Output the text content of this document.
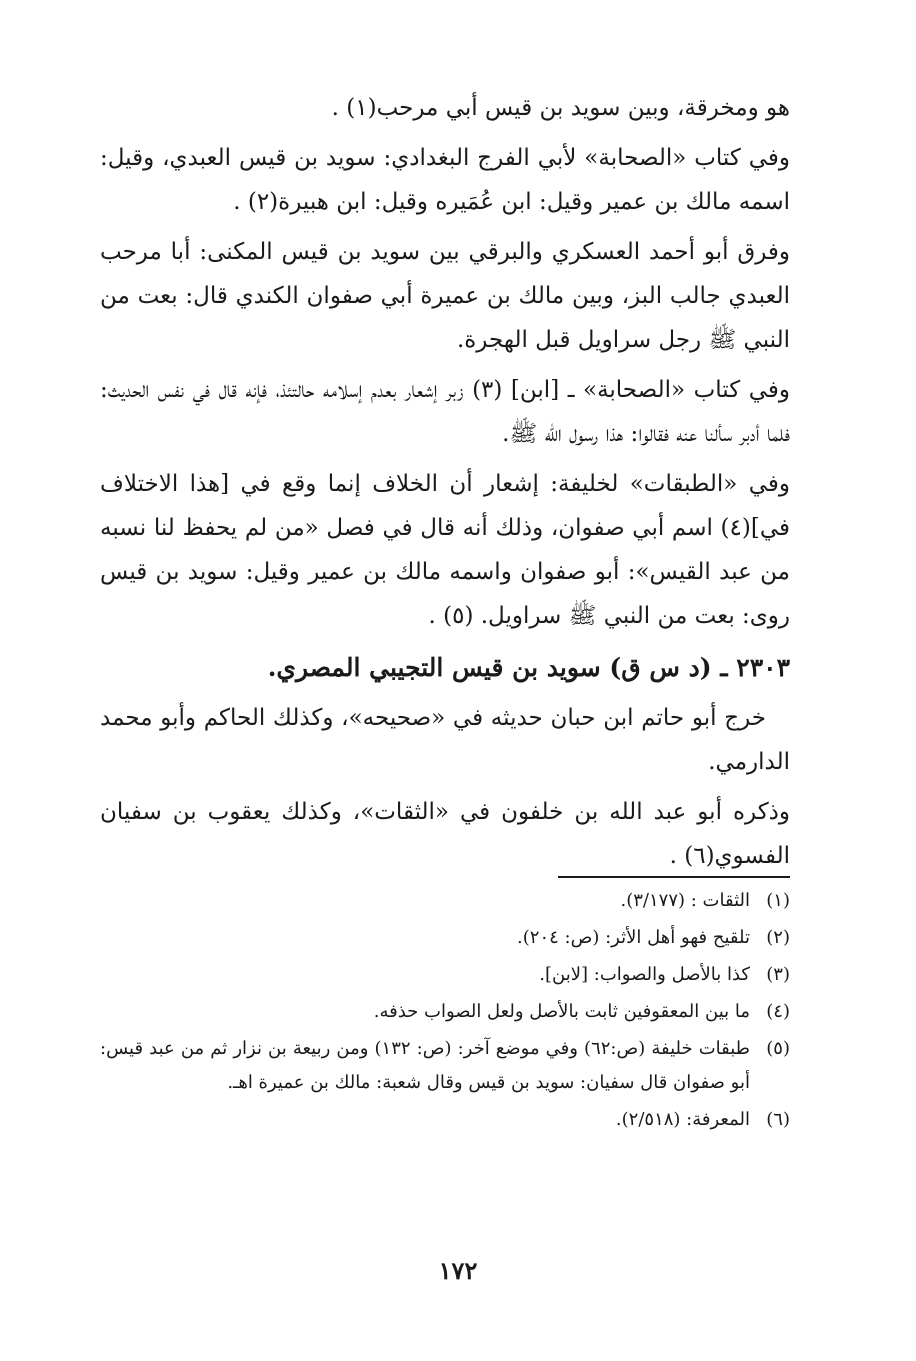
هو ومخرقة، وبين سويد بن قيس أبي مرحب(١) .

وفي كتاب «الصحابة» لأبي الفرج البغدادي: سويد بن قيس العبدي، وقيل: اسمه مالك بن عمير وقيل: ابن عُمَيره وقيل: ابن هبيرة(٢) .

وفرق أبو أحمد العسكري والبرقي بين سويد بن قيس المكنى: أبا مرحب العبدي جالب البز، وبين مالك بن عميرة أبي صفوان الكندي قال: بعت من النبي ﷺ رجل سراويل قبل الهجرة.

وفي كتاب «الصحابة» ـ [ابن] (٣) زبر إشعار بعدم إسلامه حالتئذ، فإنه قال في نفس الحديث: فلما أدبر سألنا عنه فقالوا: هذا رسول الله ﷺ.

وفي «الطبقات» لخليفة: إشعار أن الخلاف إنما وقع في [هذا الاختلاف في](٤) اسم أبي صفوان، وذلك أنه قال في فصل «من لم يحفظ لنا نسبه من عبد القيس»: أبو صفوان واسمه مالك بن عمير وقيل: سويد بن قيس روى: بعت من النبي ﷺ سراويل. (٥) .

٢٣٠٣ ـ (د س ق) سويد بن قيس التجيبي المصري.

خرج أبو حاتم ابن حبان حديثه في «صحيحه»، وكذلك الحاكم وأبو محمد الدارمي.

وذكره أبو عبد الله بن خلفون في «الثقات»، وكذلك يعقوب بن سفيان الفسوي(٦) .

(١)
الثقات : (٣/١٧٧).
(٢)
تلقيح فهو أهل الأثر: (ص: ٢٠٤).
(٣)
كذا بالأصل والصواب: [لابن].
(٤)
ما بين المعقوفين ثابت بالأصل ولعل الصواب حذفه.
(٥)
طبقات خليفة (ص:٦٢) وفي موضع آخر: (ص: ١٣٢) ومن ربيعة بن نزار ثم من عبد قيس: أبو صفوان قال سفيان: سويد بن قيس وقال شعبة: مالك بن عميرة اهـ.
(٦)
المعرفة: (٢/٥١٨).
١٧٢
